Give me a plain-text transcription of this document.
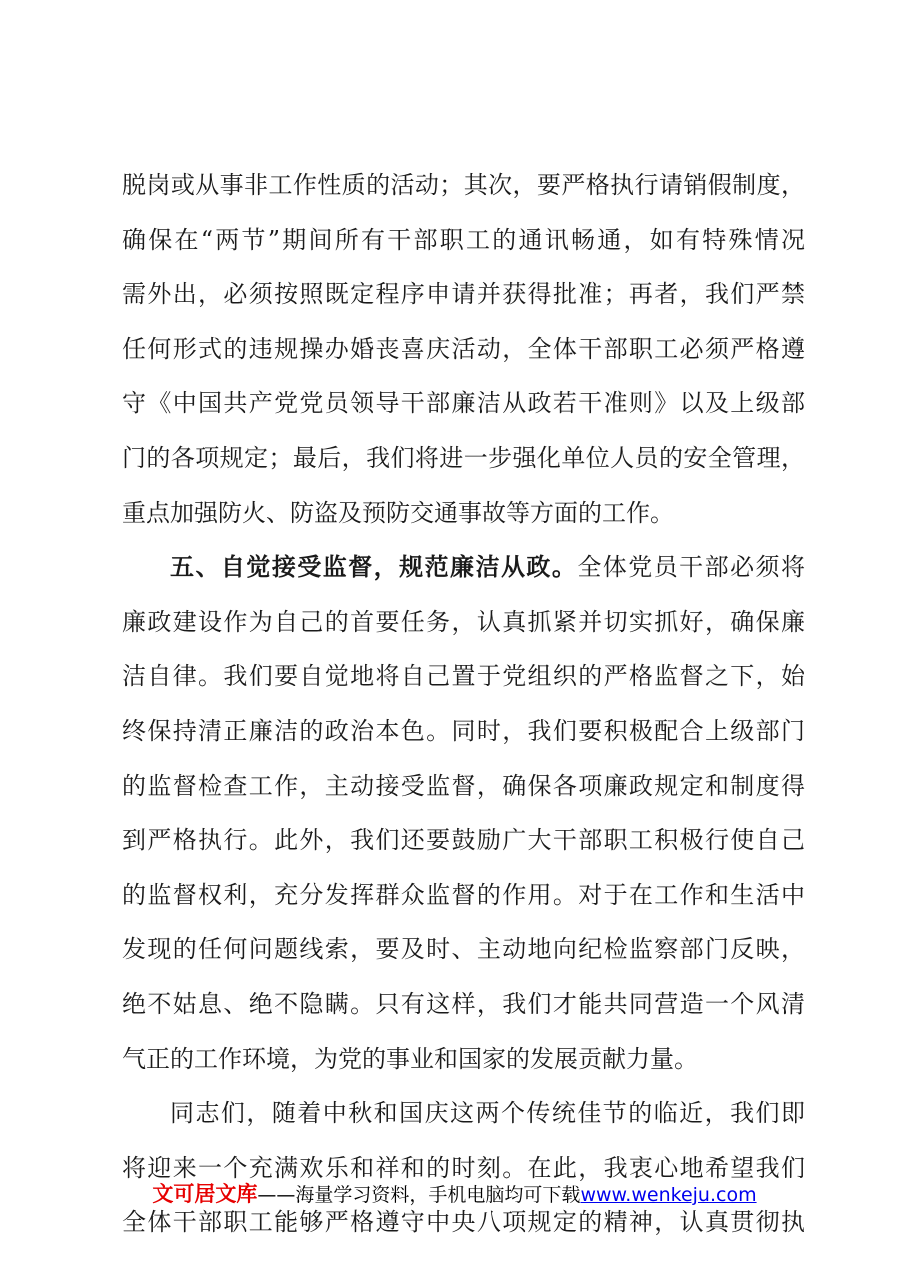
脱岗或从事非工作性质的活动；其次，要严格执行请销假制度，
确保在“两节”期间所有干部职工的通讯畅通，如有特殊情况
需外出，必须按照既定程序申请并获得批准；再者，我们严禁
任何形式的违规操办婚丧喜庆活动，全体干部职工必须严格遵
守《中国共产党党员领导干部廉洁从政若干准则》以及上级部
门的各项规定；最后，我们将进一步强化单位人员的安全管理，
重点加强防火、防盗及预防交通事故等方面的工作。
五、自觉接受监督，规范廉洁从政。全体党员干部必须将
廉政建设作为自己的首要任务，认真抓紧并切实抓好，确保廉
洁自律。我们要自觉地将自己置于党组织的严格监督之下，始
终保持清正廉洁的政治本色。同时，我们要积极配合上级部门
的监督检查工作，主动接受监督，确保各项廉政规定和制度得
到严格执行。此外，我们还要鼓励广大干部职工积极行使自己
的监督权利，充分发挥群众监督的作用。对于在工作和生活中
发现的任何问题线索，要及时、主动地向纪检监察部门反映，
绝不姑息、绝不隐瞒。只有这样，我们才能共同营造一个风清
气正的工作环境，为党的事业和国家的发展贡献力量。
同志们，随着中秋和国庆这两个传统佳节的临近，我们即
将迎来一个充满欢乐和祥和的时刻。在此，我衷心地希望我们
全体干部职工能够严格遵守中央八项规定的精神，认真贯彻执
文可居文库——海量学习资料，手机电脑均可下载www.wenkeju.com
